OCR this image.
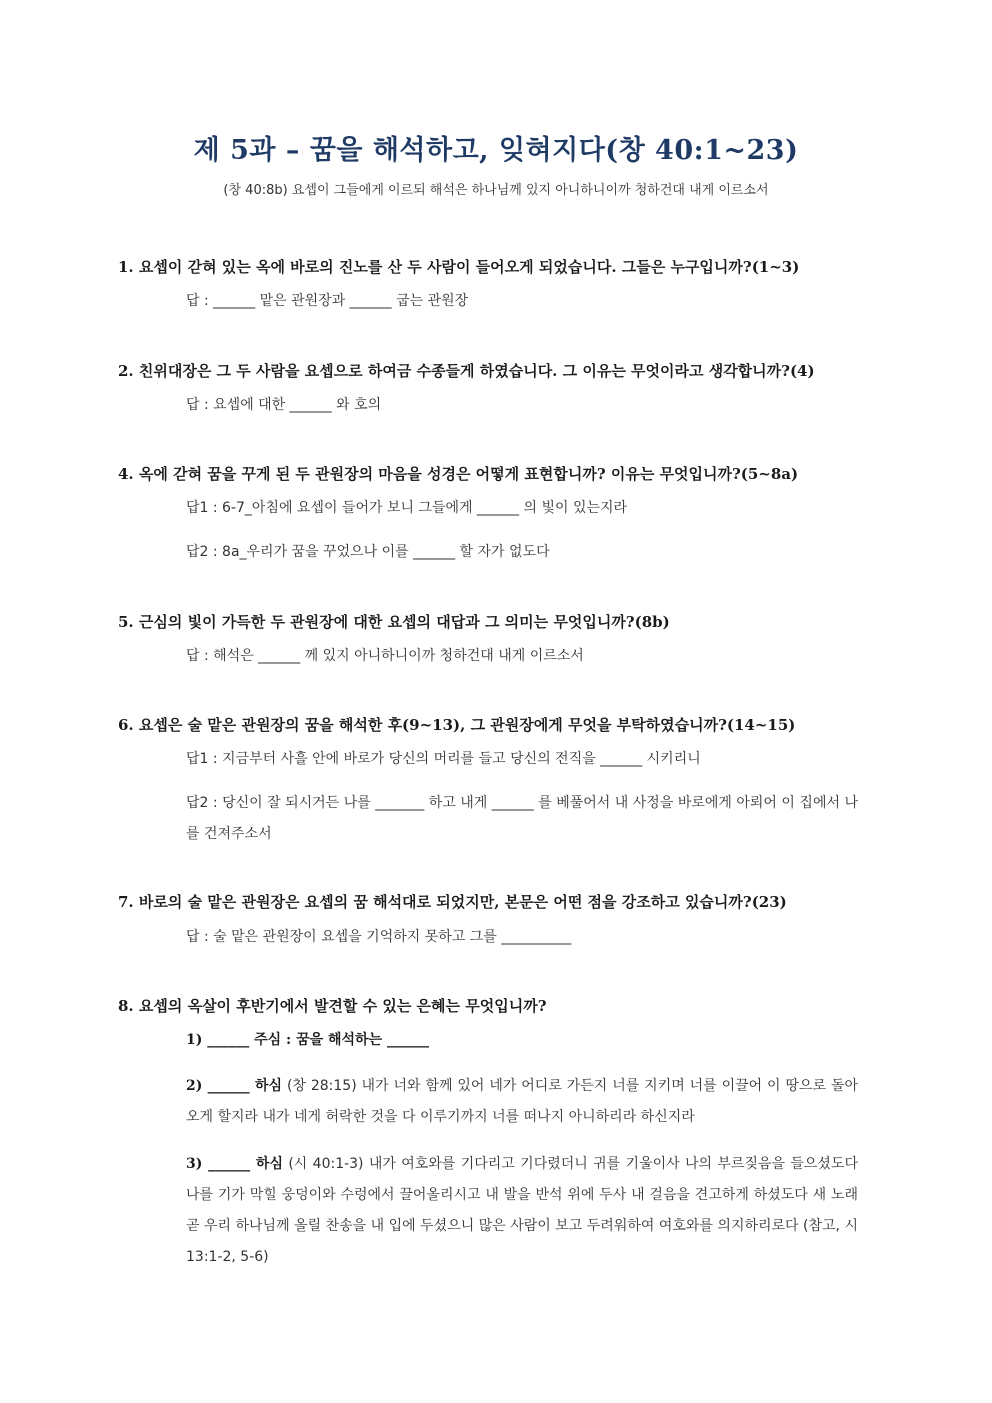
제 5과 – 꿈을 해석하고, 잊혀지다(창 40:1~23)
(창 40:8b) 요셉이 그들에게 이르되 해석은 하나님께 있지 아니하니이까 청하건대 내게 이르소서
1. 요셉이 갇혀 있는 옥에 바로의 진노를 산 두 사람이 들어오게 되었습니다. 그들은 누구입니까?(1~3)
답 : ______ 맡은 관원장과 ______ 굽는 관원장
2. 친위대장은 그 두 사람을 요셉으로 하여금 수종들게 하였습니다. 그 이유는 무엇이라고 생각합니까?(4)
답 : 요셉에 대한 ______ 와 호의
4. 옥에 갇혀 꿈을 꾸게 된 두 관원장의 마음을 성경은 어떻게 표현합니까? 이유는 무엇입니까?(5~8a)
답1 : 6-7_아침에 요셉이 들어가 보니 그들에게 ______ 의 빛이 있는지라
답2 : 8a_우리가 꿈을 꾸었으나 이를 ______ 할 자가 없도다
5. 근심의 빛이 가득한 두 관원장에 대한 요셉의 대답과 그 의미는 무엇입니까?(8b)
답 : 해석은 ______ 께 있지 아니하니이까 청하건대 내게 이르소서
6. 요셉은 술 맡은 관원장의 꿈을 해석한 후(9~13), 그 관원장에게 무엇을 부탁하였습니까?(14~15)
답1 : 지금부터 사흘 안에 바로가 당신의 머리를 들고 당신의 전직을 ______ 시키리니
답2 : 당신이 잘 되시거든 나를 _______ 하고 내게 ______ 를 베풀어서 내 사정을 바로에게 아뢰어 이 집에서 나를 건져주소서
7. 바로의 술 맡은 관원장은 요셉의 꿈 해석대로 되었지만, 본문은 어떤 점을 강조하고 있습니까?(23)
답 : 술 맡은 관원장이 요셉을 기억하지 못하고 그를 __________
8. 요셉의 옥살이 후반기에서 발견할 수 있는 은혜는 무엇입니까?
1) ______ 주심 : 꿈을 해석하는 ______
2) ______ 하심 (창 28:15) 내가 너와 함께 있어 네가 어디로 가든지 너를 지키며 너를 이끌어 이 땅으로 돌아오게 할지라 내가 네게 허락한 것을 다 이루기까지 너를 떠나지 아니하리라 하신지라
3) ______ 하심 (시 40:1-3) 내가 여호와를 기다리고 기다렸더니 귀를 기울이사 나의 부르짖음을 들으셨도다 나를 기가 막힐 웅덩이와 수렁에서 끌어올리시고 내 발을 반석 위에 두사 내 걸음을 견고하게 하셨도다 새 노래 곧 우리 하나님께 올릴 찬송을 내 입에 두셨으니 많은 사람이 보고 두려워하여 여호와를 의지하리로다 (참고, 시 13:1-2, 5-6)
